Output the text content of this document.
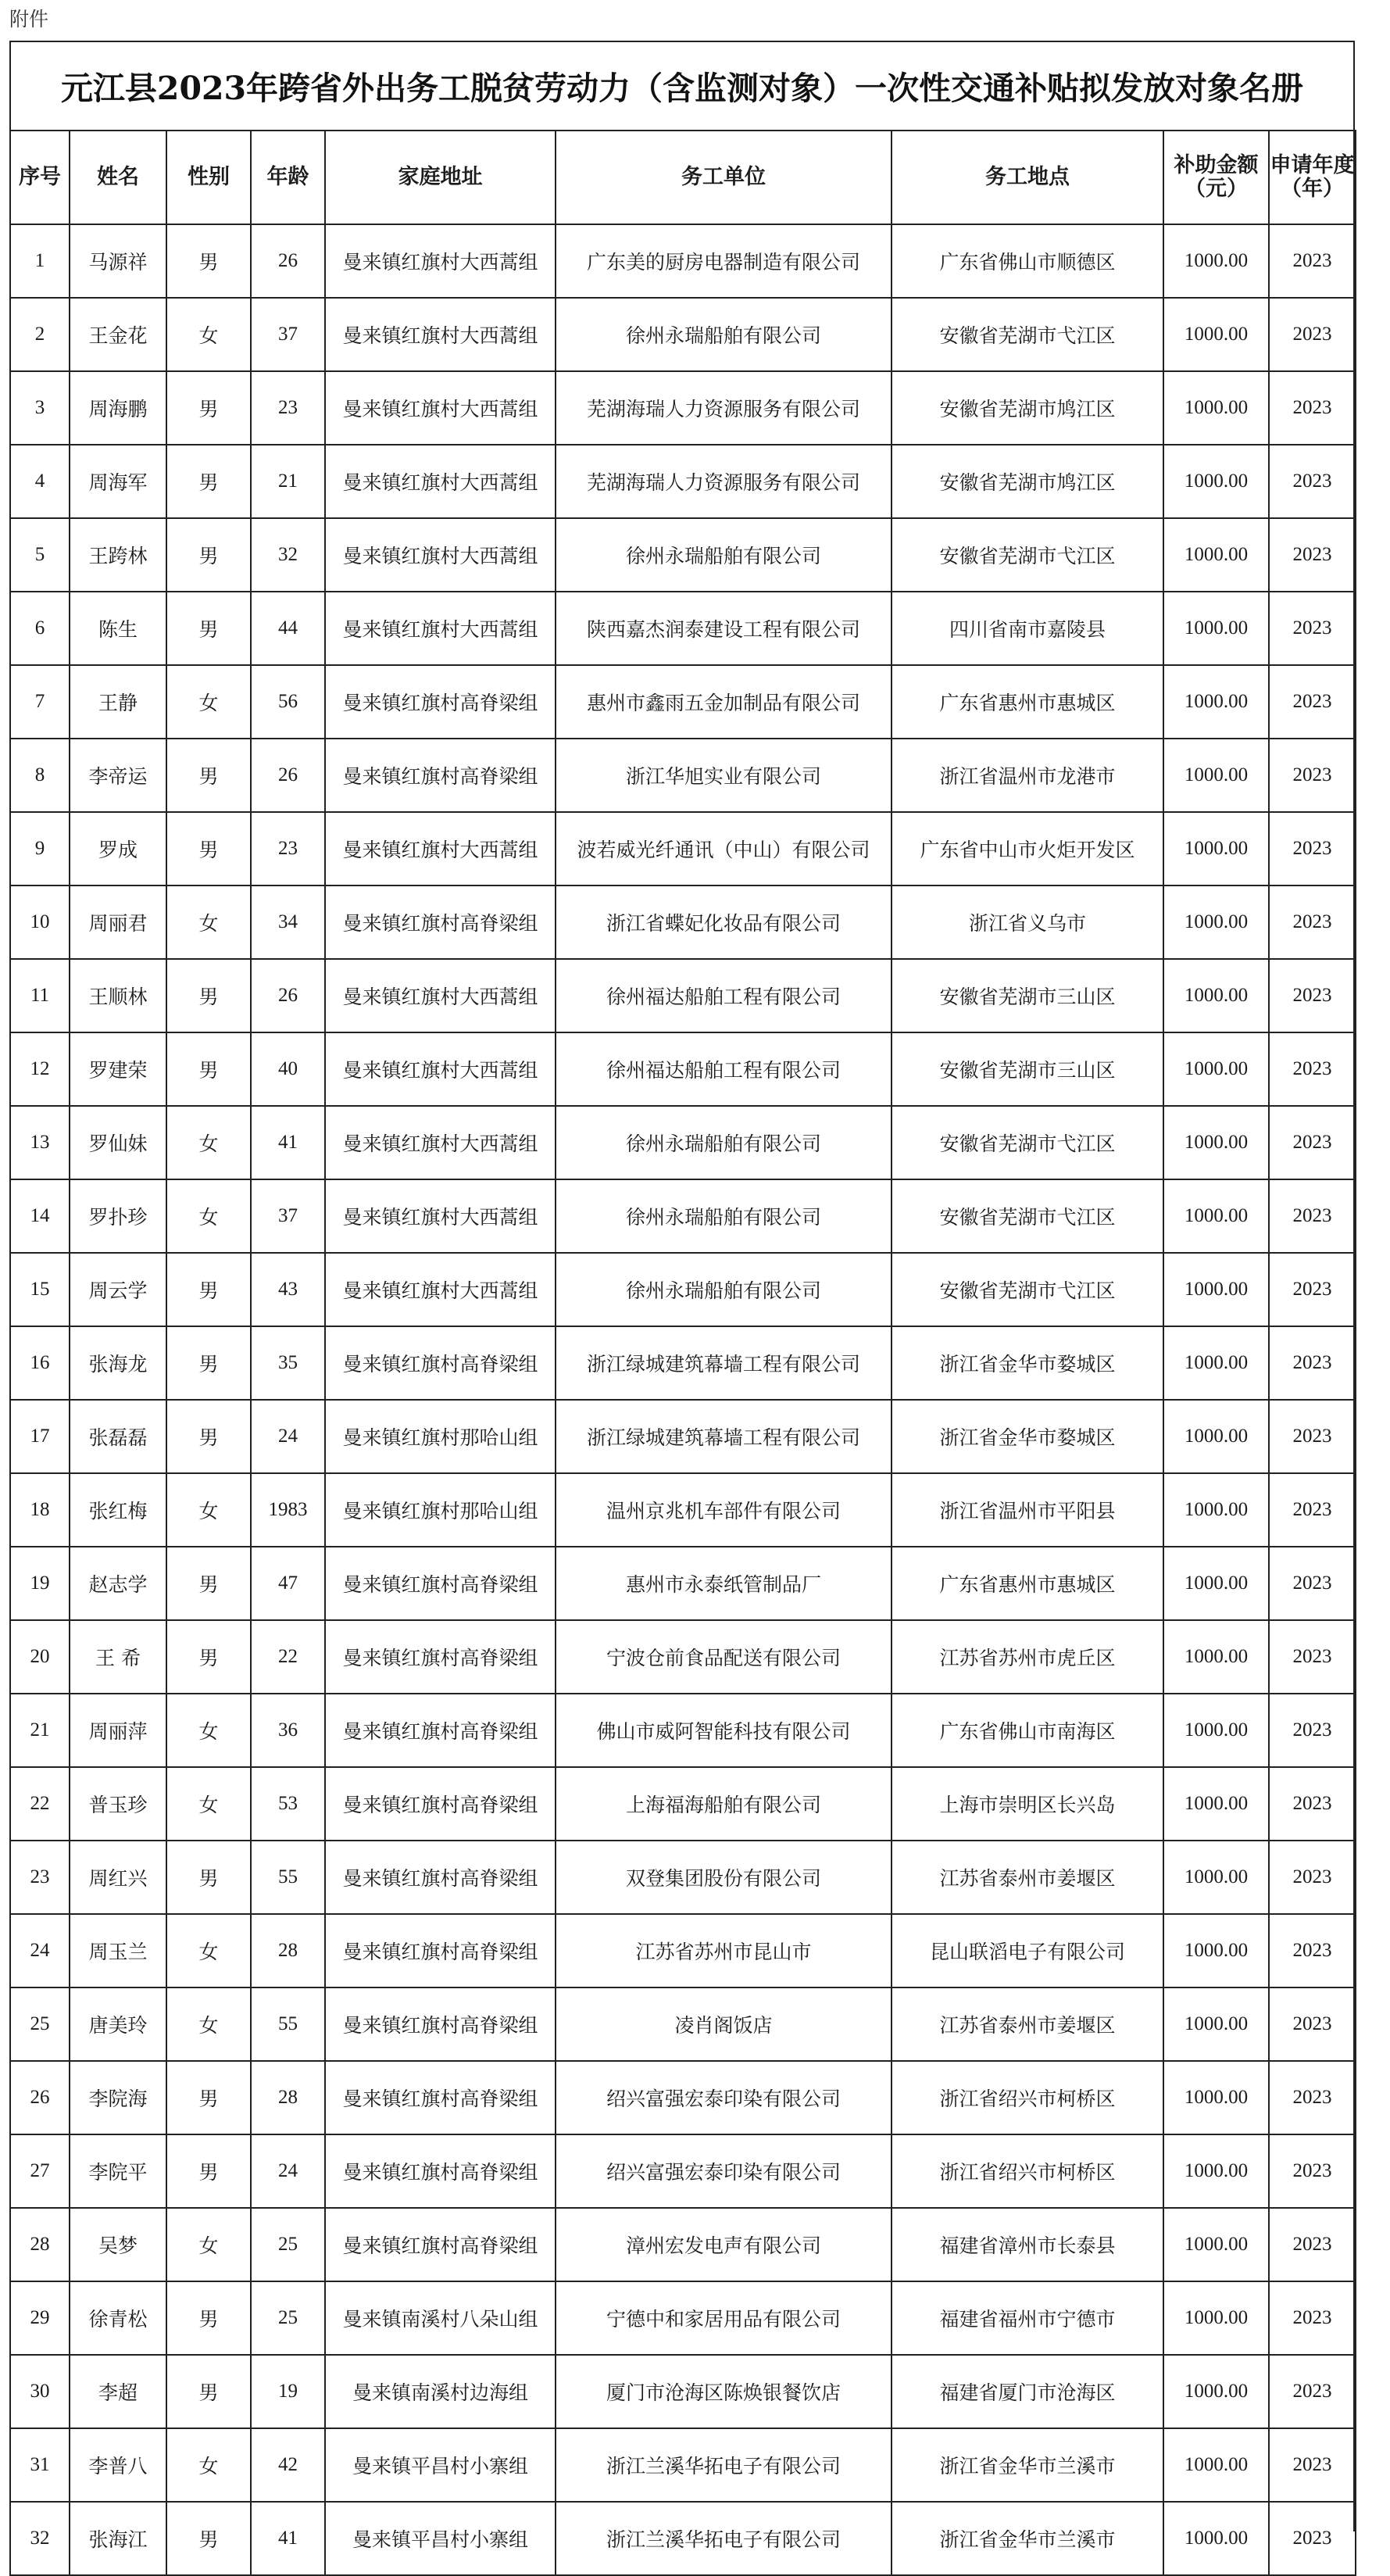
附件
元江县2023年跨省外出务工脱贫劳动力（含监测对象）一次性交通补贴拟发放对象名册
序号	姓名	性别	年龄	家庭地址	务工单位	务工地点	补助金额（元）	申请年度（年）
1	马源祥	男	26	曼来镇红旗村大西蒿组	广东美的厨房电器制造有限公司	广东省佛山市顺德区	1000.00	2023
2	王金花	女	37	曼来镇红旗村大西蒿组	徐州永瑞船舶有限公司	安徽省芜湖市弋江区	1000.00	2023
3	周海鹏	男	23	曼来镇红旗村大西蒿组	芜湖海瑞人力资源服务有限公司	安徽省芜湖市鸠江区	1000.00	2023
4	周海军	男	21	曼来镇红旗村大西蒿组	芜湖海瑞人力资源服务有限公司	安徽省芜湖市鸠江区	1000.00	2023
5	王跨林	男	32	曼来镇红旗村大西蒿组	徐州永瑞船舶有限公司	安徽省芜湖市弋江区	1000.00	2023
6	陈生	男	44	曼来镇红旗村大西蒿组	陕西嘉杰润泰建设工程有限公司	四川省南市嘉陵县	1000.00	2023
7	王静	女	56	曼来镇红旗村高脊梁组	惠州市鑫雨五金加制品有限公司	广东省惠州市惠城区	1000.00	2023
8	李帝运	男	26	曼来镇红旗村高脊梁组	浙江华旭实业有限公司	浙江省温州市龙港市	1000.00	2023
9	罗成	男	23	曼来镇红旗村大西蒿组	波若威光纤通讯（中山）有限公司	广东省中山市火炬开发区	1000.00	2023
10	周丽君	女	34	曼来镇红旗村高脊梁组	浙江省蝶妃化妆品有限公司	浙江省义乌市	1000.00	2023
11	王顺林	男	26	曼来镇红旗村大西蒿组	徐州福达船舶工程有限公司	安徽省芜湖市三山区	1000.00	2023
12	罗建荣	男	40	曼来镇红旗村大西蒿组	徐州福达船舶工程有限公司	安徽省芜湖市三山区	1000.00	2023
13	罗仙妹	女	41	曼来镇红旗村大西蒿组	徐州永瑞船舶有限公司	安徽省芜湖市弋江区	1000.00	2023
14	罗扑珍	女	37	曼来镇红旗村大西蒿组	徐州永瑞船舶有限公司	安徽省芜湖市弋江区	1000.00	2023
15	周云学	男	43	曼来镇红旗村大西蒿组	徐州永瑞船舶有限公司	安徽省芜湖市弋江区	1000.00	2023
16	张海龙	男	35	曼来镇红旗村高脊梁组	浙江绿城建筑幕墙工程有限公司	浙江省金华市婺城区	1000.00	2023
17	张磊磊	男	24	曼来镇红旗村那哈山组	浙江绿城建筑幕墙工程有限公司	浙江省金华市婺城区	1000.00	2023
18	张红梅	女	1983	曼来镇红旗村那哈山组	温州京兆机车部件有限公司	浙江省温州市平阳县	1000.00	2023
19	赵志学	男	47	曼来镇红旗村高脊梁组	惠州市永泰纸管制品厂	广东省惠州市惠城区	1000.00	2023
20	王 希	男	22	曼来镇红旗村高脊梁组	宁波仓前食品配送有限公司	江苏省苏州市虎丘区	1000.00	2023
21	周丽萍	女	36	曼来镇红旗村高脊梁组	佛山市威阿智能科技有限公司	广东省佛山市南海区	1000.00	2023
22	普玉珍	女	53	曼来镇红旗村高脊梁组	上海福海船舶有限公司	上海市崇明区长兴岛	1000.00	2023
23	周红兴	男	55	曼来镇红旗村高脊梁组	双登集团股份有限公司	江苏省泰州市姜堰区	1000.00	2023
24	周玉兰	女	28	曼来镇红旗村高脊梁组	江苏省苏州市昆山市	昆山联滔电子有限公司	1000.00	2023
25	唐美玲	女	55	曼来镇红旗村高脊梁组	凌肖阁饭店	江苏省泰州市姜堰区	1000.00	2023
26	李院海	男	28	曼来镇红旗村高脊梁组	绍兴富强宏泰印染有限公司	浙江省绍兴市柯桥区	1000.00	2023
27	李院平	男	24	曼来镇红旗村高脊梁组	绍兴富强宏泰印染有限公司	浙江省绍兴市柯桥区	1000.00	2023
28	吴梦	女	25	曼来镇红旗村高脊梁组	漳州宏发电声有限公司	福建省漳州市长泰县	1000.00	2023
29	徐青松	男	25	曼来镇南溪村八朵山组	宁德中和家居用品有限公司	福建省福州市宁德市	1000.00	2023
30	李超	男	19	曼来镇南溪村边海组	厦门市沧海区陈焕银餐饮店	福建省厦门市沧海区	1000.00	2023
31	李普八	女	42	曼来镇平昌村小寨组	浙江兰溪华拓电子有限公司	浙江省金华市兰溪市	1000.00	2023
32	张海江	男	41	曼来镇平昌村小寨组	浙江兰溪华拓电子有限公司	浙江省金华市兰溪市	1000.00	2023
